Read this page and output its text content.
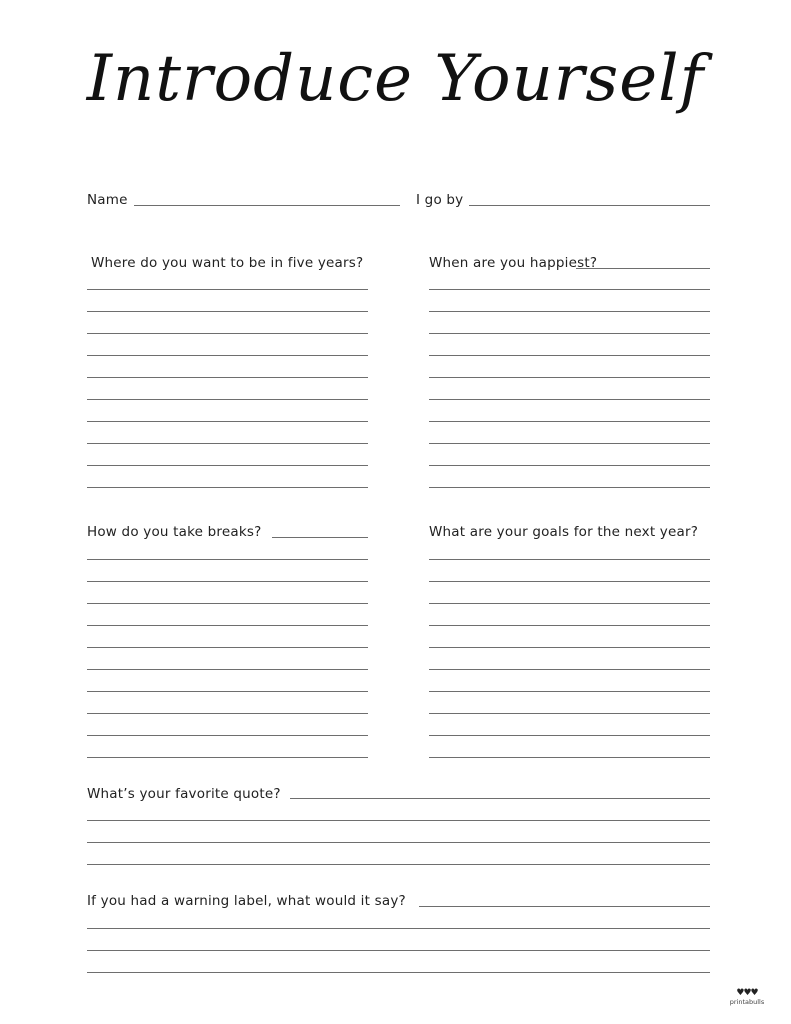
Introduce Yourself
Name	I go by
Where do you want to be in five years?	When are you happiest?
How do you take breaks?	What are your goals for the next year?
What’s your favorite quote?
If you had a warning label, what would it say?
♥♥♥
printabulls
